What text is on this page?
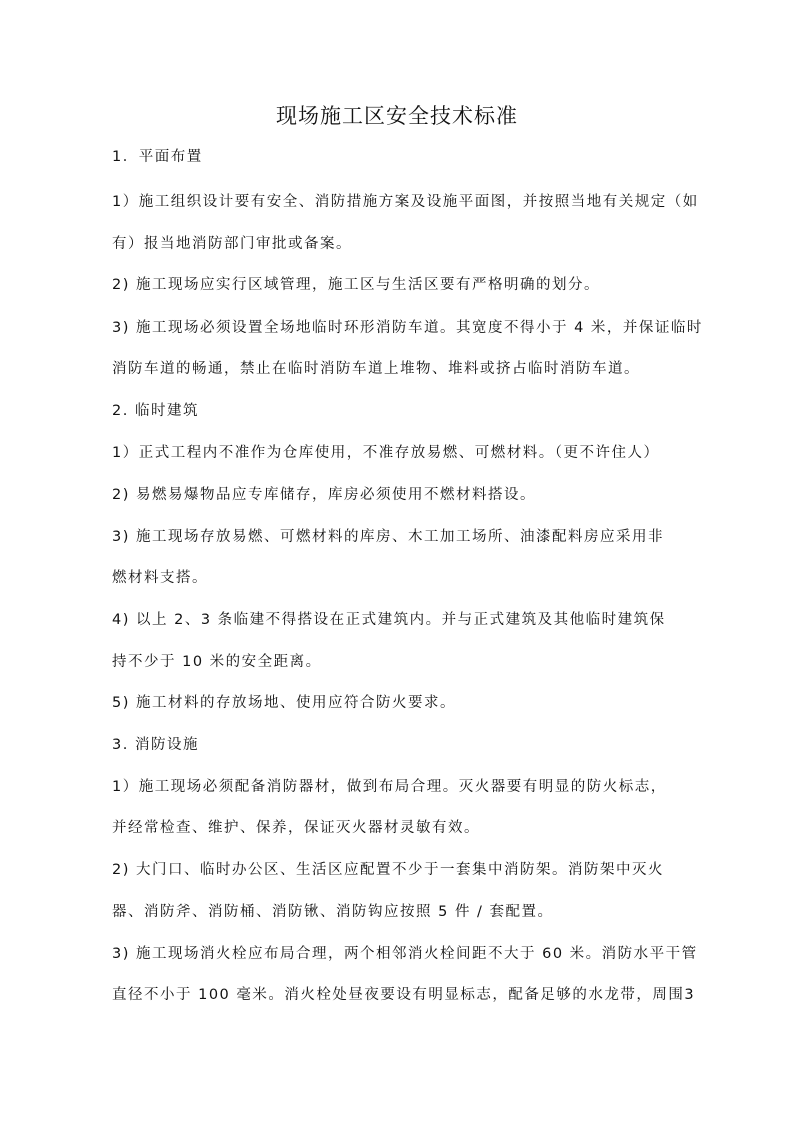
现场施工区安全技术标准
1．平面布置
1）施工组织设计要有安全、消防措施方案及设施平面图，并按照当地有关规定（如
有）报当地消防部门审批或备案。
2) 施工现场应实行区域管理，施工区与生活区要有严格明确的划分。
3) 施工现场必须设置全场地临时环形消防车道。其宽度不得小于 4 米，并保证临时
消防车道的畅通，禁止在临时消防车道上堆物、堆料或挤占临时消防车道。
2. 临时建筑
1）正式工程内不准作为仓库使用，不准存放易燃、可燃材料。（更不许住人）
2) 易燃易爆物品应专库储存，库房必须使用不燃材料搭设。
3) 施工现场存放易燃、可燃材料的库房、木工加工场所、油漆配料房应采用非
燃材料支搭。
4) 以上 2、3 条临建不得搭设在正式建筑内。并与正式建筑及其他临时建筑保
持不少于 10 米的安全距离。
5) 施工材料的存放场地、使用应符合防火要求。
3. 消防设施
1）施工现场必须配备消防器材，做到布局合理。灭火器要有明显的防火标志，
并经常检查、维护、保养，保证灭火器材灵敏有效。
2) 大门口、临时办公区、生活区应配置不少于一套集中消防架。消防架中灭火
器、消防斧、消防桶、消防锹、消防钩应按照 5 件 / 套配置。
3) 施工现场消火栓应布局合理，两个相邻消火栓间距不大于 60 米。消防水平干管
直径不小于 100 毫米。消火栓处昼夜要设有明显标志，配备足够的水龙带，周围3
